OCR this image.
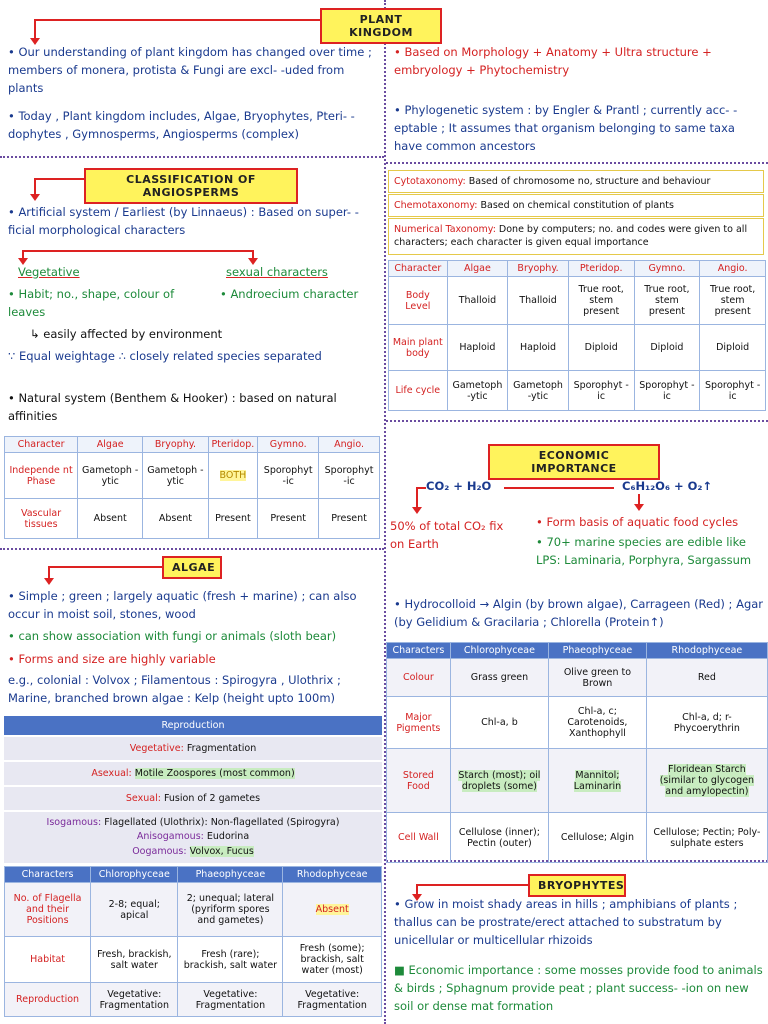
• Our understanding of plant kingdom has changed over time ; members of monera, protista & Fungi are excl- -uded from plants
• Today , Plant kingdom includes, Algae, Bryophytes, Pteri- -dophytes , Gymnosperms, Angiosperms (complex)
CLASSIFICATION OF ANGIOSPERMS
• Artificial system / Earliest (by Linnaeus) : Based on super- -ficial morphological characters
Vegetative
• Habit; no., shape, colour of leaves
sexual characters
• Androecium character
↳ easily affected by environment
∵ Equal weightage ∴ closely related species separated
• Natural system (Benthem & Hooker) : based on natural affinities
Character	Algae	Bryophy.	Pteridop.	Gymno.	Angio.
Independe nt Phase	Gametoph -ytic	Gametoph -ytic	BOTH	Sporophyt -ic	Sporophyt -ic
Vascular tissues	Absent	Absent	Present	Present	Present
ALGAE
• Simple ; green ; largely aquatic (fresh + marine) ; can also occur in moist soil, stones, wood
• can show association with fungi or animals (sloth bear)
• Forms and size are highly variable
e.g., colonial : Volvox ; Filamentous : Spirogyra , Ulothrix ; Marine, branched brown algae : Kelp (height upto 100m)
Reproduction
Vegetative: Fragmentation
Asexual: Motile Zoospores (most common)
Sexual: Fusion of 2 gametes
Isogamous: Flagellated (Ulothrix): Non-flagellated (Spirogyra)
Anisogamous: Eudorina
Oogamous: Volvox, Fucus
Characters	Chlorophyceae	Phaeophyceae	Rhodophyceae
No. of Flagella and their Positions	2-8; equal; apical	2; unequal; lateral (pyriform spores and gametes)	Absent
Habitat	Fresh, brackish, salt water	Fresh (rare); brackish, salt water	Fresh (some); brackish, salt water (most)
Reproduction	Vegetative: Fragmentation	Vegetative: Fragmentation	Vegetative: Fragmentation
PLANT KINGDOM
• Based on Morphology + Anatomy + Ultra structure + embryology + Phytochemistry
• Phylogenetic system : by Engler & Prantl ; currently acc- -eptable ; It assumes that organism belonging to same taxa have common ancestors
Cytotaxonomy: Based of chromosome no, structure and behaviour
Chemotaxonomy: Based on chemical constitution of plants
Numerical Taxonomy: Done by computers; no. and codes were given to all characters; each character is given equal importance
Character	Algae	Bryophy.	Pteridop.	Gymno.	Angio.
Body Level	Thalloid	Thalloid	True root, stem present	True root, stem present	True root, stem present
Main plant body	Haploid	Haploid	Diploid	Diploid	Diploid
Life cycle	Gametoph -ytic	Gametoph -ytic	Sporophyt -ic	Sporophyt -ic	Sporophyt -ic
ECONOMIC IMPORTANCE
CO₂ + H₂O	C₆H₁₂O₆ + O₂↑
50% of total CO₂ fix on Earth
• Form basis of aquatic food cycles
• 70+ marine species are edible like LPS: Laminaria, Porphyra, Sargassum
• Hydrocolloid → Algin (by brown algae), Carrageen (Red) ; Agar (by Gelidium & Gracilaria ; Chlorella (Protein↑)
Characters	Chlorophyceae	Phaeophyceae	Rhodophyceae
Colour	Grass green	Olive green to Brown	Red
Major Pigments	Chl-a, b	Chl-a, c; Carotenoids, Xanthophyll	Chl-a, d; r- Phycoerythrin
Stored Food	Starch (most); oil droplets (some)	Mannitol; Laminarin	Floridean Starch (similar to glycogen and amylopectin)
Cell Wall	Cellulose (inner); Pectin (outer)	Cellulose; Algin	Cellulose; Pectin; Poly-sulphate esters
BRYOPHYTES
• Grow in moist shady areas in hills ; amphibians of plants ; thallus can be prostrate/erect attached to substratum by unicellular or multicellular rhizoids
■ Economic importance : some mosses provide food to animals & birds ; Sphagnum provide peat ; plant success- -ion on new soil or dense mat formation
